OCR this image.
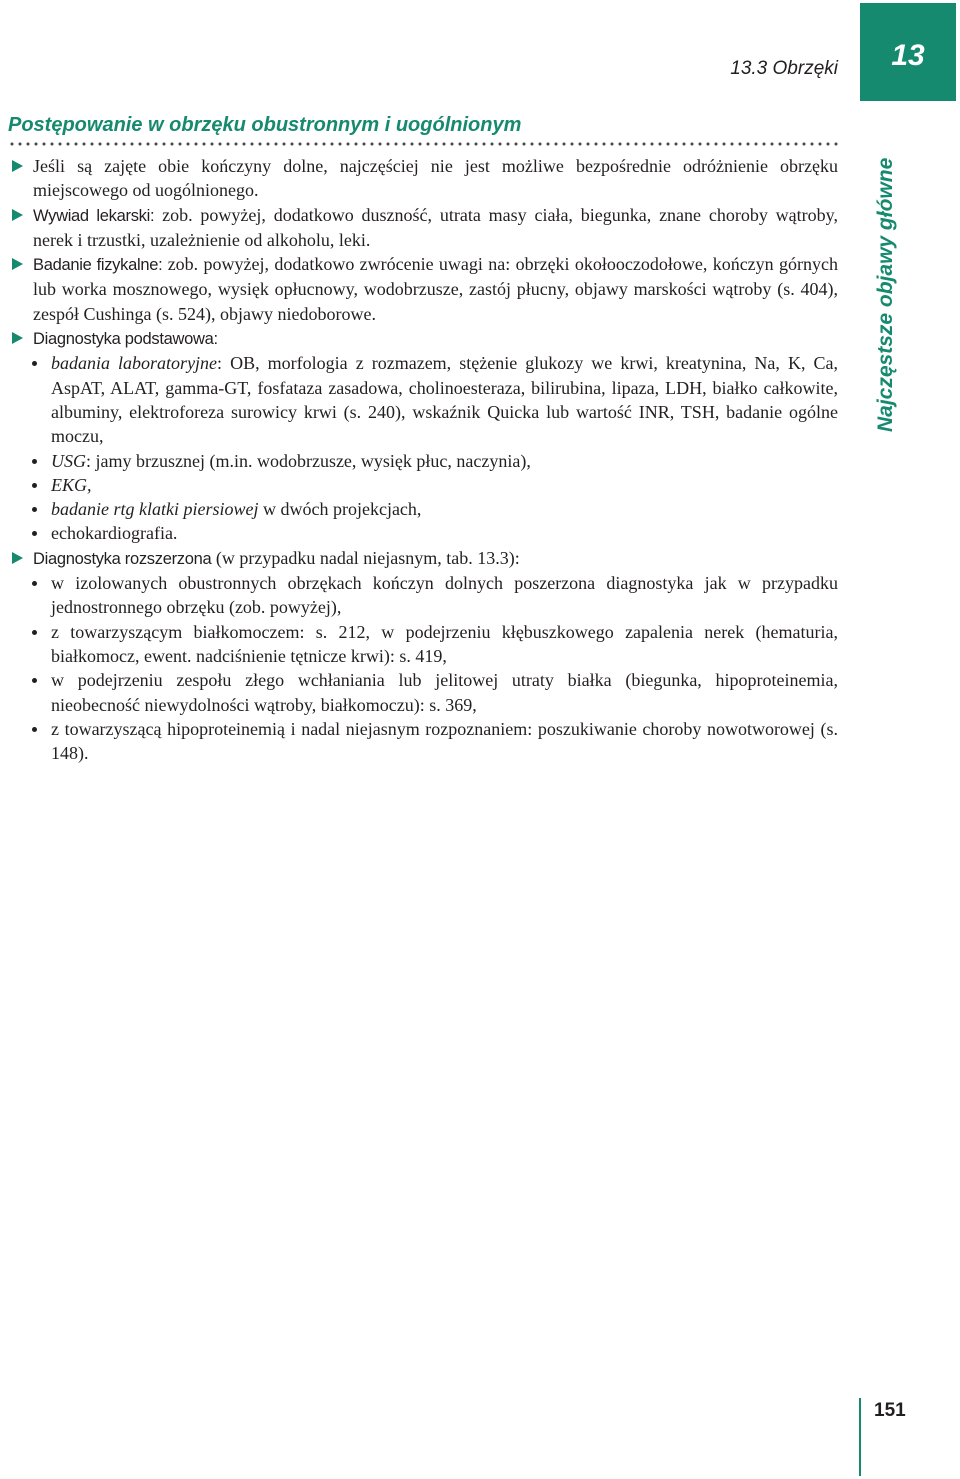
13
13.3 Obrzęki
Najczęstsze objawy główne
Postępowanie w obrzęku obustronnym i uogólnionym

Jeśli są zajęte obie kończyny dolne, najczęściej nie jest możliwe bezpośrednie odróżnienie obrzęku miejscowego od uogólnionego.

Wywiad lekarski: zob. powyżej, dodatkowo duszność, utrata masy ciała, biegunka, znane choroby wątroby, nerek i trzustki, uzależnienie od alkoholu, leki.

Badanie fizykalne: zob. powyżej, dodatkowo zwrócenie uwagi na: obrzęki okołooczodołowe, kończyn górnych lub worka mosznowego, wysięk opłucnowy, wodobrzusze, zastój płucny, objawy marskości wątroby (s. 404), zespół Cushinga (s. 524), objawy niedoborowe.

Diagnostyka podstawowa:

badania laboratoryjne: OB, morfologia z rozmazem, stężenie glukozy we krwi, kreatynina, Na, K, Ca, AspAT, ALAT, gamma-GT, fosfataza zasadowa, cholinoesteraza, bilirubina, lipaza, LDH, białko całkowite, albuminy, elektroforeza surowicy krwi (s. 240), wskaźnik Quicka lub wartość INR, TSH, badanie ogólne moczu,
USG: jamy brzusznej (m.in. wodobrzusze, wysięk płuc, naczynia),
EKG,
badanie rtg klatki piersiowej w dwóch projekcjach,
echokardiografia.

Diagnostyka rozszerzona (w przypadku nadal niejasnym, tab. 13.3):

w izolowanych obustronnych obrzękach kończyn dolnych poszerzona diagnostyka jak w przypadku jednostronnego obrzęku (zob. powyżej),
z towarzyszącym białkomoczem: s. 212, w podejrzeniu kłębuszkowego zapalenia nerek (hematuria, białkomocz, ewent. nadciśnienie tętnicze krwi): s. 419,
w podejrzeniu zespołu złego wchłaniania lub jelitowej utraty białka (biegunka, hipoproteinemia, nieobecność niewydolności wątroby, białkomoczu): s. 369,
z towarzyszącą hipoproteinemią i nadal niejasnym rozpoznaniem: poszukiwanie choroby nowotworowej (s. 148).
151
